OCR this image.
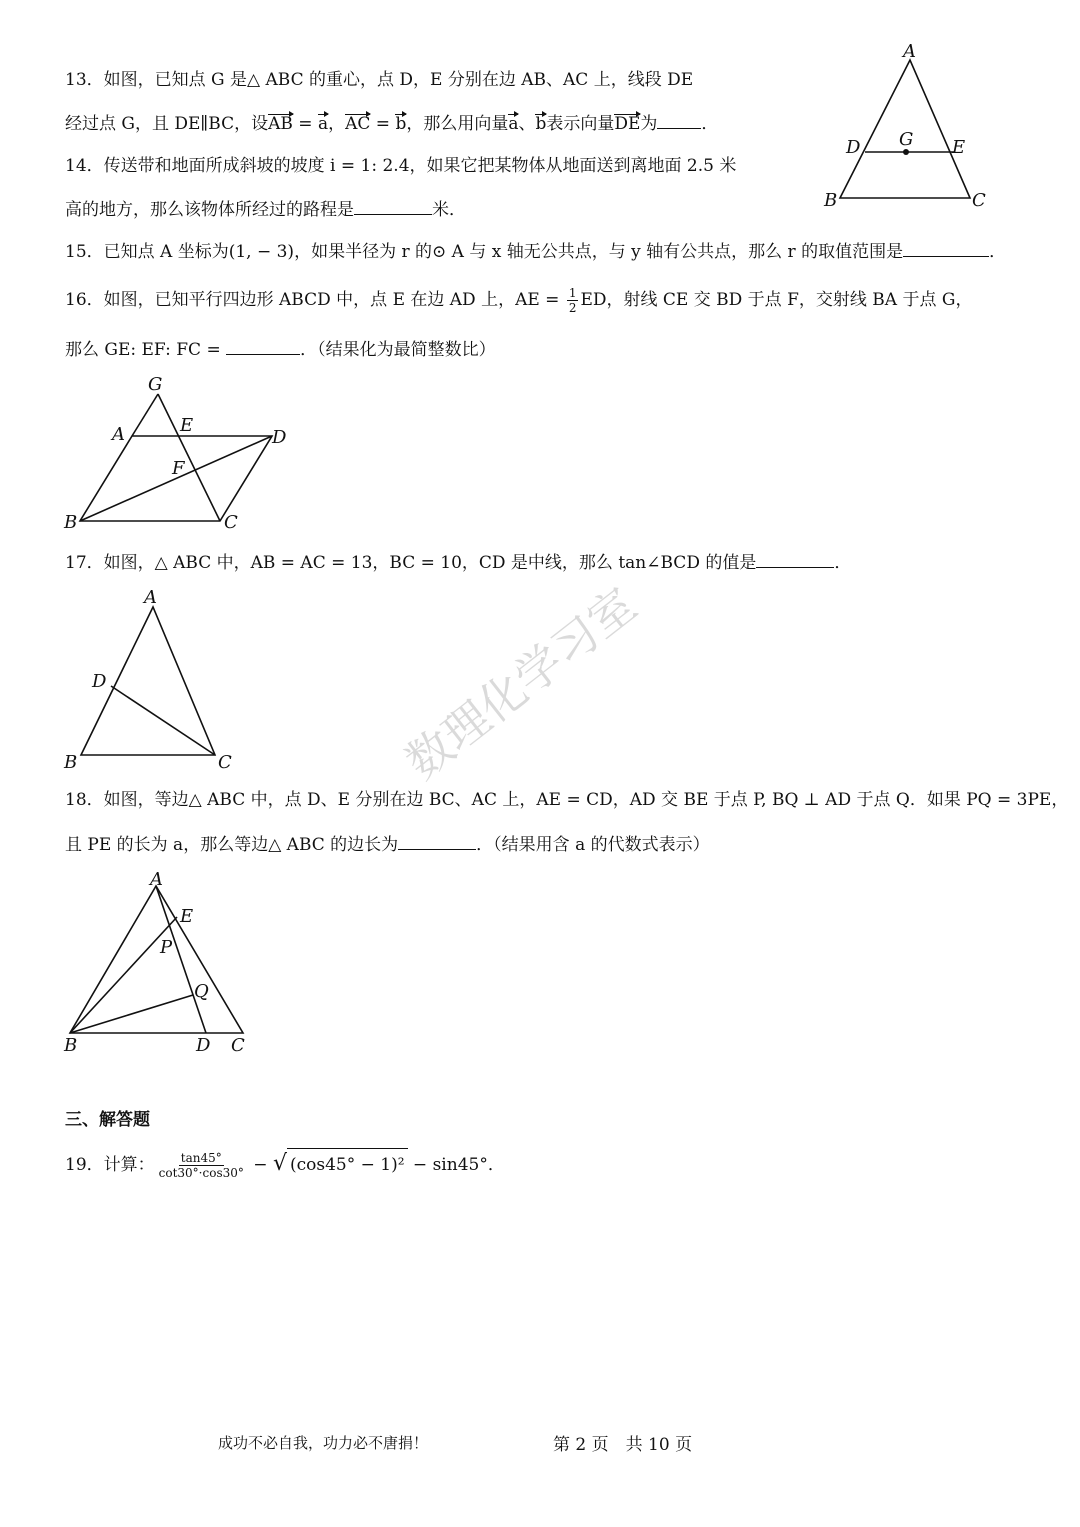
13．如图，已知点 G 是△ ABC 的重心，点 D，E 分别在边 AB、AC 上，线段 DE
经过点 G，且 DE∥BC，设AB = a，AC = b，那么用向量a、b表示向量DE为	．
14．传送带和地面所成斜坡的坡度 i = 1: 2.4，如果它把某物体从地面送到离地面 2.5 米
高的地方，那么该物体所经过的路程是	米．
A
D G E
B	C
15．已知点 A 坐标为(1, − 3)，如果半径为 r 的⊙ A 与 x 轴无公共点，与 y 轴有公共点，那么 r 的取值范围是	．
16．如图，已知平行四边形 ABCD 中，点 E 在边 AD 上，AE = $\frac{1}{2}$ ED，射线 CE 交 BD 于点 F，交射线 BA 于点 G，
那么 GE: EF: FC =	．（结果化为最简整数比）
G
A	E
D
F
B	C
17．如图，△ ABC 中，AB = AC = 13，BC = 10，CD 是中线，那么 tan∠BCD 的值是	．
A
D
B	C
18．如图，等边△ ABC 中，点 D、E 分别在边 BC、AC 上，AE = CD，AD 交 BE 于点 P, BQ ⊥ AD 于点 Q．如果 PQ = 3PE，
且 PE 的长为 a，那么等边△ ABC 的边长为	．（结果用含 a 的代数式表示）
A
E
P
Q
B	D C
三、解答题
19．计算： $\frac{\tan 45^\circ}{\cot 30^\circ\cdot\cos 30^\circ}$ − √ (cos45° − 1)² − sin45°．
数理化学习室
成功不必自我，功力必不唐捐！	第 2 页　共 10 页
